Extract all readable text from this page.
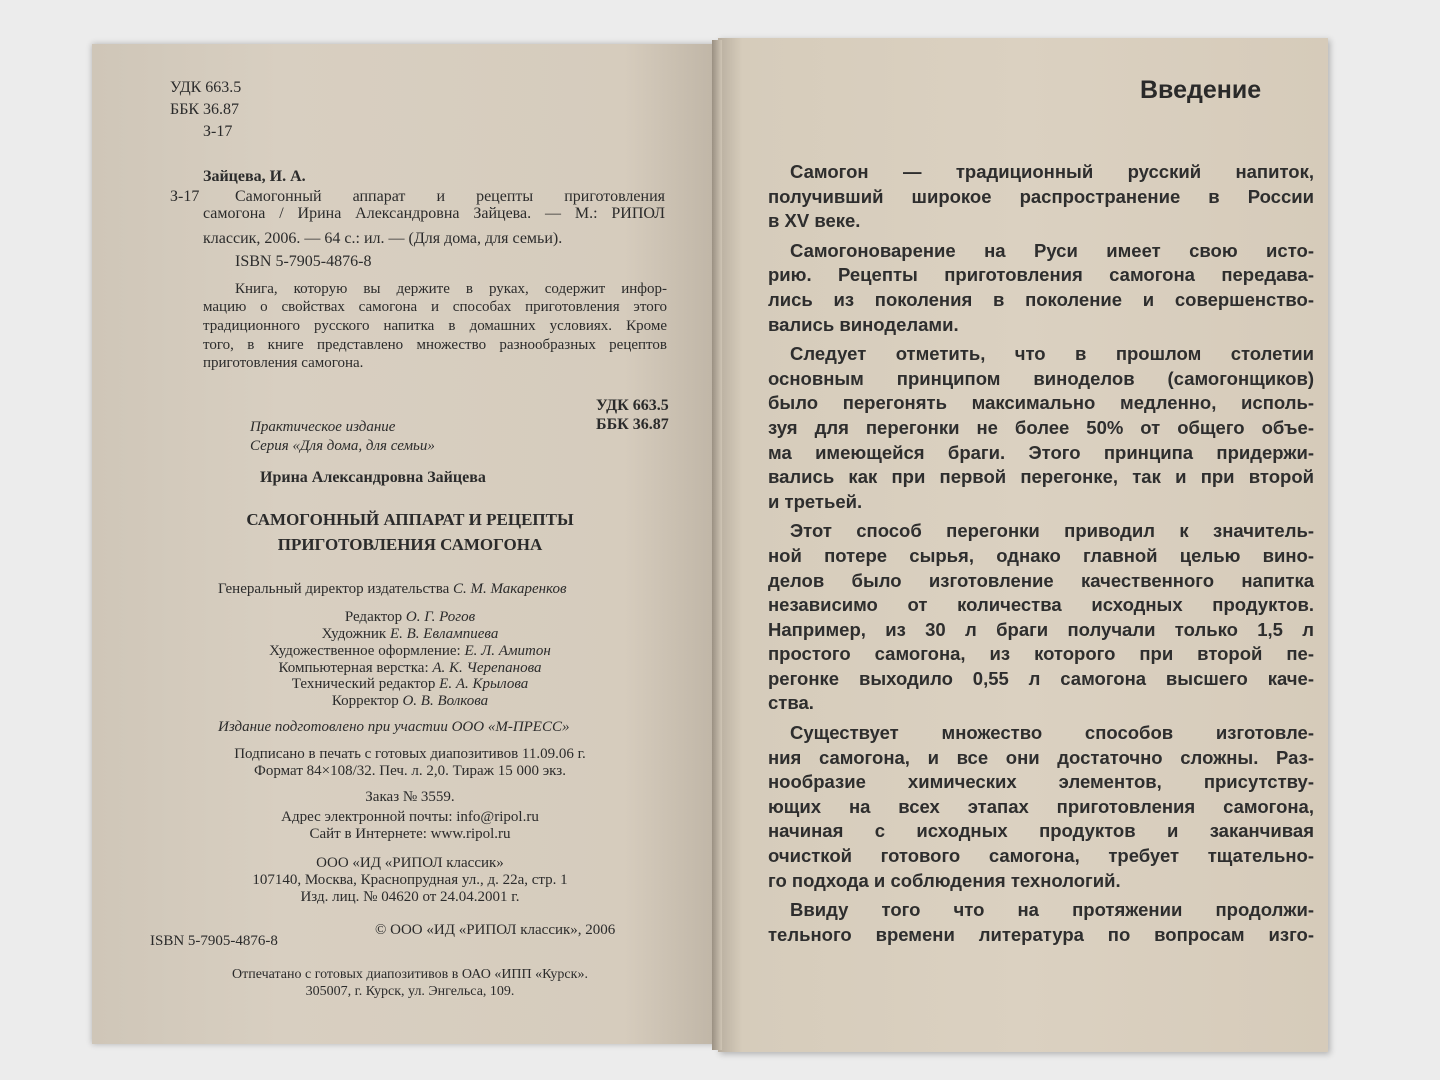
УДК 663.5
ББК 36.87
З-17
Зайцева, И. А.
З-17 Самогонный аппарат и рецепты приготовления
самогона / Ирина Александровна Зайцева. — М.: РИПОЛ
классик, 2006. — 64 с.: ил. — (Для дома, для семьи).
ISBN 5-7905-4876-8
Книга, которую вы держите в руках, содержит инфор-
мацию о свойствах самогона и способах приготовления этого
традиционного русского напитка в домашних условиях. Кроме
того, в книге представлено множество разнообразных рецептов
приготовления самогона.
УДК 663.5
ББК 36.87
Практическое издание
Серия «Для дома, для семьи»
Ирина Александровна Зайцева
САМОГОННЫЙ АППАРАТ И РЕЦЕПТЫ
ПРИГОТОВЛЕНИЯ САМОГОНА
Генеральный директор издательства С. М. Макаренков
Редактор О. Г. Рогов
Художник Е. В. Евлампиева
Художественное оформление: Е. Л. Амитон
Компьютерная верстка: А. К. Черепанова
Технический редактор Е. А. Крылова
Корректор О. В. Волкова
Издание подготовлено при участии ООО «М-ПРЕСС»
Подписано в печать с готовых диапозитивов 11.09.06 г.
Формат 84×108/32. Печ. л. 2,0. Тираж 15 000 экз.
Заказ № 3559.
Адрес электронной почты: info@ripol.ru
Сайт в Интернете: www.ripol.ru
ООО «ИД «РИПОЛ классик»
107140, Москва, Краснопрудная ул., д. 22а, стр. 1
Изд. лиц. № 04620 от 24.04.2001 г.
ISBN 5-7905-4876-8
© ООО «ИД «РИПОЛ классик», 2006
Отпечатано с готовых диапозитивов в ОАО «ИПП «Курск».
305007, г. Курск, ул. Энгельса, 109.
Введение
Самогон — традиционный русский напиток,
получивший широкое распространение в России
в XV веке.
Самогоноварение на Руси имеет свою исто-
рию. Рецепты приготовления самогона передава-
лись из поколения в поколение и совершенство-
вались виноделами.
Следует отметить, что в прошлом столетии
основным принципом виноделов (самогонщиков)
было перегонять максимально медленно, исполь-
зуя для перегонки не более 50% от общего объе-
ма имеющейся браги. Этого принципа придержи-
вались как при первой перегонке, так и при второй
и третьей.
Этот способ перегонки приводил к значитель-
ной потере сырья, однако главной целью вино-
делов было изготовление качественного напитка
независимо от количества исходных продуктов.
Например, из 30 л браги получали только 1,5 л
простого самогона, из которого при второй пе-
регонке выходило 0,55 л самогона высшего каче-
ства.
Существует множество способов изготовле-
ния самогона, и все они достаточно сложны. Раз-
нообразие химических элементов, присутству-
ющих на всех этапах приготовления самогона,
начиная с исходных продуктов и заканчивая
очисткой готового самогона, требует тщательно-
го подхода и соблюдения технологий.
Ввиду того что на протяжении продолжи-
тельного времени литература по вопросам изго-
